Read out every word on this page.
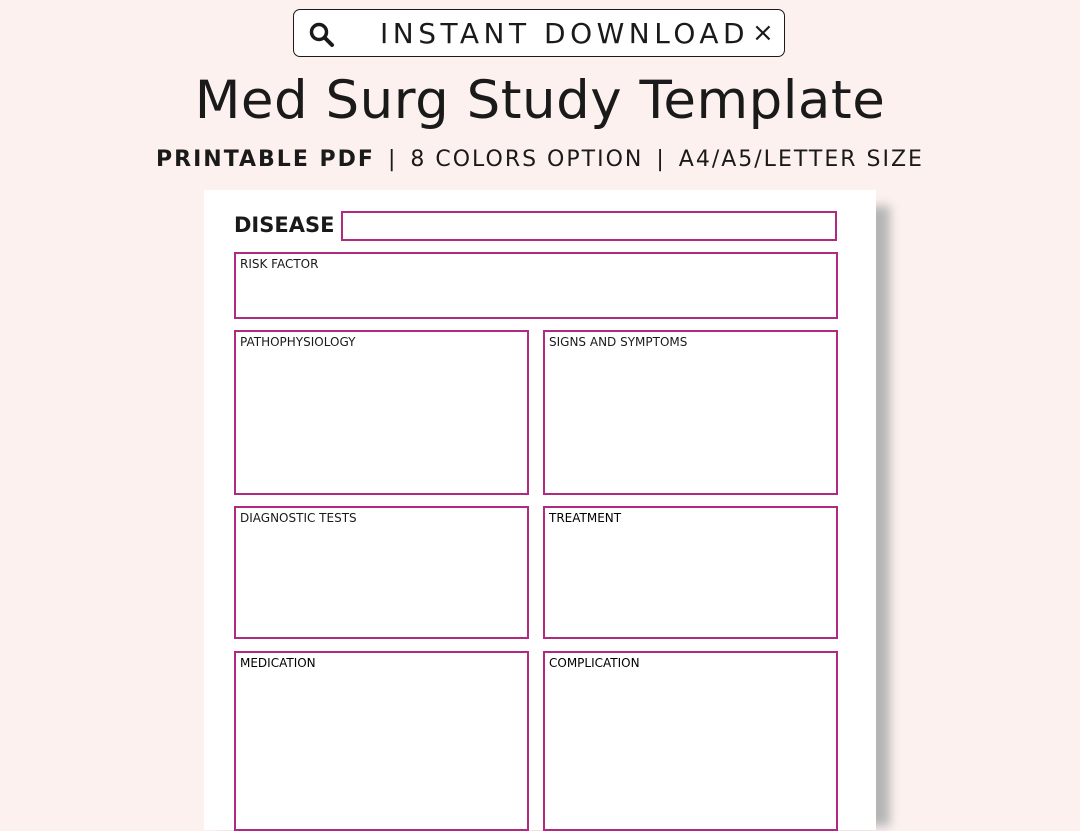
INSTANT DOWNLOAD ×
Med Surg Study Template
PRINTABLE PDF | 8 COLORS OPTION | A4/A5/LETTER SIZE
DISEASE
RISK FACTOR
PATHOPHYSIOLOGY	SIGNS AND SYMPTOMS
DIAGNOSTIC TESTS	TREATMENT
MEDICATION	COMPLICATION
